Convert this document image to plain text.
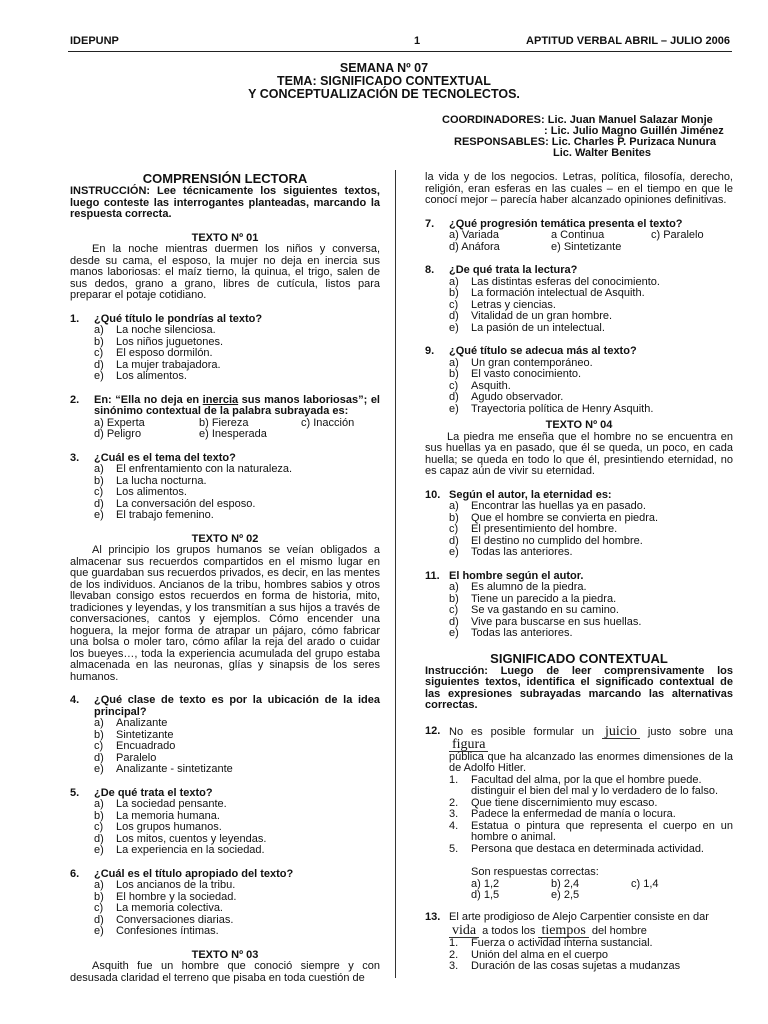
IDEPUNP	1	APTITUD VERBAL ABRIL – JULIO 2006
SEMANA Nº 07
TEMA: SIGNIFICADO CONTEXTUAL
Y CONCEPTUALIZACIÓN DE TECNOLECTOS.
COORDINADORES: Lic. Juan Manuel Salazar Monje
: Lic. Julio Magno Guillén Jiménez
RESPONSABLES: Lic. Charles P. Purizaca Nunura
Lic. Walter Benites
COMPRENSIÓN LECTORA
INSTRUCCIÓN: Lee técnicamente los siguientes textos, luego conteste las interrogantes planteadas, marcando la respuesta correcta.
TEXTO Nº 01
En la noche mientras duermen los niños y conversa, desde su cama, el esposo, la mujer no deja en inercia sus manos laboriosas: el maíz tierno, la quinua, el trigo, salen de sus dedos, grano a grano, libres de cutícula, listos para preparar el potaje cotidiano.
1.	¿Qué título le pondrías al texto?
a)	La noche silenciosa.
b)	Los niños juguetones.
c)	El esposo dormilón.
d)	La mujer trabajadora.
e)	Los alimentos.
2.	En: “Ella no deja en inercia sus manos laboriosas”; el sinónimo contextual de la palabra subrayada es:
a) Experta	b) Fiereza	c) Inacción
d) Peligro	e) Inesperada
3.	¿Cuál es el tema del texto?
a)	El enfrentamiento con la naturaleza.
b)	La lucha nocturna.
c)	Los alimentos.
d)	La conversación del esposo.
e)	El trabajo femenino.
TEXTO Nº 02
Al principio los grupos humanos se veían obligados a almacenar sus recuerdos compartidos en el mismo lugar en que guardaban sus recuerdos privados, es decir, en las mentes de los individuos. Ancianos de la tribu, hombres sabios y otros llevaban consigo estos recuerdos en forma de historia, mito, tradiciones y leyendas, y los transmitían a sus hijos a través de conversaciones, cantos y ejemplos. Cómo encender una hoguera, la mejor forma de atrapar un pájaro, cómo fabricar una bolsa o moler taro, cómo afilar la reja del arado o cuidar los bueyes…, toda la experiencia acumulada del grupo estaba almacenada en las neuronas, glías y sinapsis de los seres humanos.
4.	¿Qué clase de texto es por la ubicación de la idea principal?
a)	Analizante
b)	Sintetizante
c)	Encuadrado
d)	Paralelo
e)	Analizante - sintetizante
5.	¿De qué trata el texto?
a)	La sociedad pensante.
b)	La memoria humana.
c)	Los grupos humanos.
d)	Los mitos, cuentos y leyendas.
e)	La experiencia en la sociedad.
6.	¿Cuál es el título apropiado del texto?
a)	Los ancianos de la tribu.
b)	El hombre y la sociedad.
c)	La memoria colectiva.
d)	Conversaciones diarias.
e)	Confesiones íntimas.
TEXTO Nº 03
Asquith fue un hombre que conoció siempre y con desusada claridad el terreno que pisaba en toda cuestión de
la vida y de los negocios. Letras, política, filosofía, derecho, religión, eran esferas en las cuales – en el tiempo en que le conocí mejor – parecía haber alcanzado opiniones definitivas.
7.	¿Qué progresión temática presenta el texto?
a) Variada	a Continua	c) Paralelo
d) Anáfora	e) Sintetizante
8.	¿De qué trata la lectura?
a)	Las distintas esferas del conocimiento.
b)	La formación intelectual de Asquith.
c)	Letras y ciencias.
d)	Vitalidad de un gran hombre.
e)	La pasión de un intelectual.
9.	¿Qué título se adecua más al texto?
a)	Un gran contemporáneo.
b)	El vasto conocimiento.
c)	Asquith.
d)	Agudo observador.
e)	Trayectoria política de Henry Asquith.
TEXTO Nº 04
La piedra me enseña que el hombre no se encuentra en sus huellas ya en pasado, que él se queda, un poco, en cada huella; se queda en todo lo que él, presintiendo eternidad, no es capaz aún de vivir su eternidad.
10. Según el autor, la eternidad es:
a)	Encontrar las huellas ya en pasado.
b)	Que el hombre se convierta en piedra.
c)	El presentimiento del hombre.
d)	El destino no cumplido del hombre.
e)	Todas las anteriores.
11. El hombre según el autor.
a)	Es alumno de la piedra.
b)	Tiene un parecido a la piedra.
c)	Se va gastando en su camino.
d)	Vive para buscarse en sus huellas.
e)	Todas las anteriores.
SIGNIFICADO CONTEXTUAL
Instrucción: Luego de leer comprensivamente los siguientes textos, identifica el significado contextual de las expresiones subrayadas marcando las alternativas correctas.
12. No es posible formular un juicio justo sobre una figura
pública que ha alcanzado las enormes dimensiones de la de Adolfo Hitler.
1.	Facultad del alma, por la que el hombre puede. distinguir el bien del mal y lo verdadero de lo falso.
2.	Que tiene discernimiento muy escaso.
3.	Padece la enfermedad de manía o locura.
4.	Estatua o pintura que representa el cuerpo en un hombre o animal.
5.	Persona que destaca en determinada actividad.
Son respuestas correctas:
a) 1,2	b) 2,4	c) 1,4
d) 1,5	e) 2,5
13. El arte prodigioso de Alejo Carpentier consiste en dar
vida a todos los tiempos del hombre
1.	Fuerza o actividad interna sustancial.
2.	Unión del alma en el cuerpo
3.	Duración de las cosas sujetas a mudanzas
